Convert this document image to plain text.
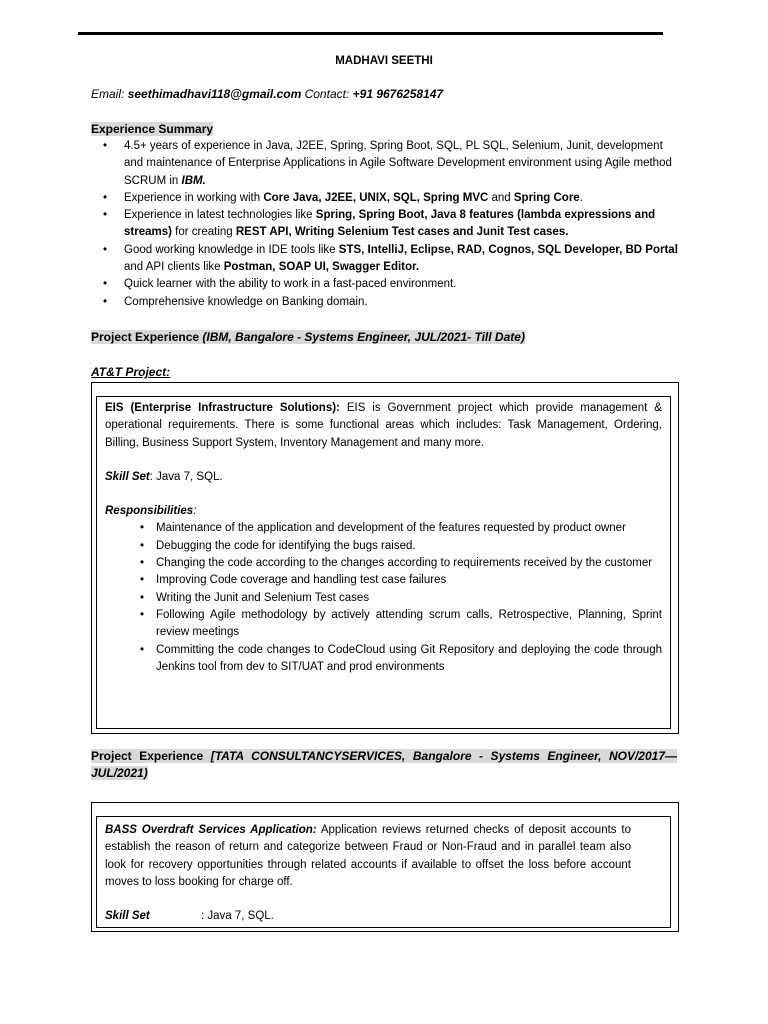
MADHAVI SEETHI
Email: seethimadhavi118@gmail.com Contact: +91 9676258147
Experience Summary
• 4.5+ years of experience in Java, J2EE, Spring, Spring Boot, SQL, PL SQL, Selenium, Junit, development and maintenance of Enterprise Applications in Agile Software Development environment using Agile method SCRUM in IBM.
• Experience in working with Core Java, J2EE, UNIX, SQL, Spring MVC and Spring Core.
• Experience in latest technologies like Spring, Spring Boot, Java 8 features (lambda expressions and streams) for creating REST API, Writing Selenium Test cases and Junit Test cases.
• Good working knowledge in IDE tools like STS, IntelliJ, Eclipse, RAD, Cognos, SQL Developer, BD Portal and API clients like Postman, SOAP UI, Swagger Editor.
• Quick learner with the ability to work in a fast-paced environment.
• Comprehensive knowledge on Banking domain.
Project Experience (IBM, Bangalore - Systems Engineer, JUL/2021- Till Date)
AT&T Project:
EIS (Enterprise Infrastructure Solutions): EIS is Government project which provide management & operational requirements. There is some functional areas which includes: Task Management, Ordering, Billing, Business Support System, Inventory Management and many more.
Skill Set: Java 7, SQL.
Responsibilities:
• Maintenance of the application and development of the features requested by product owner
• Debugging the code for identifying the bugs raised.
• Changing the code according to the changes according to requirements received by the customer
• Improving Code coverage and handling test case failures
• Writing the Junit and Selenium Test cases
• Following Agile methodology by actively attending scrum calls, Retrospective, Planning, Sprint review meetings
• Committing the code changes to CodeCloud using Git Repository and deploying the code through Jenkins tool from dev to SIT/UAT and prod environments
Project Experience [TATA CONSULTANCYSERVICES, Bangalore - Systems Engineer, NOV/2017—JUL/2021)
BASS Overdraft Services Application: Application reviews returned checks of deposit accounts to establish the reason of return and categorize between Fraud or Non-Fraud and in parallel team also look for recovery opportunities through related accounts if available to offset the loss before account moves to loss booking for charge off.
Skill Set	: Java 7, SQL.
